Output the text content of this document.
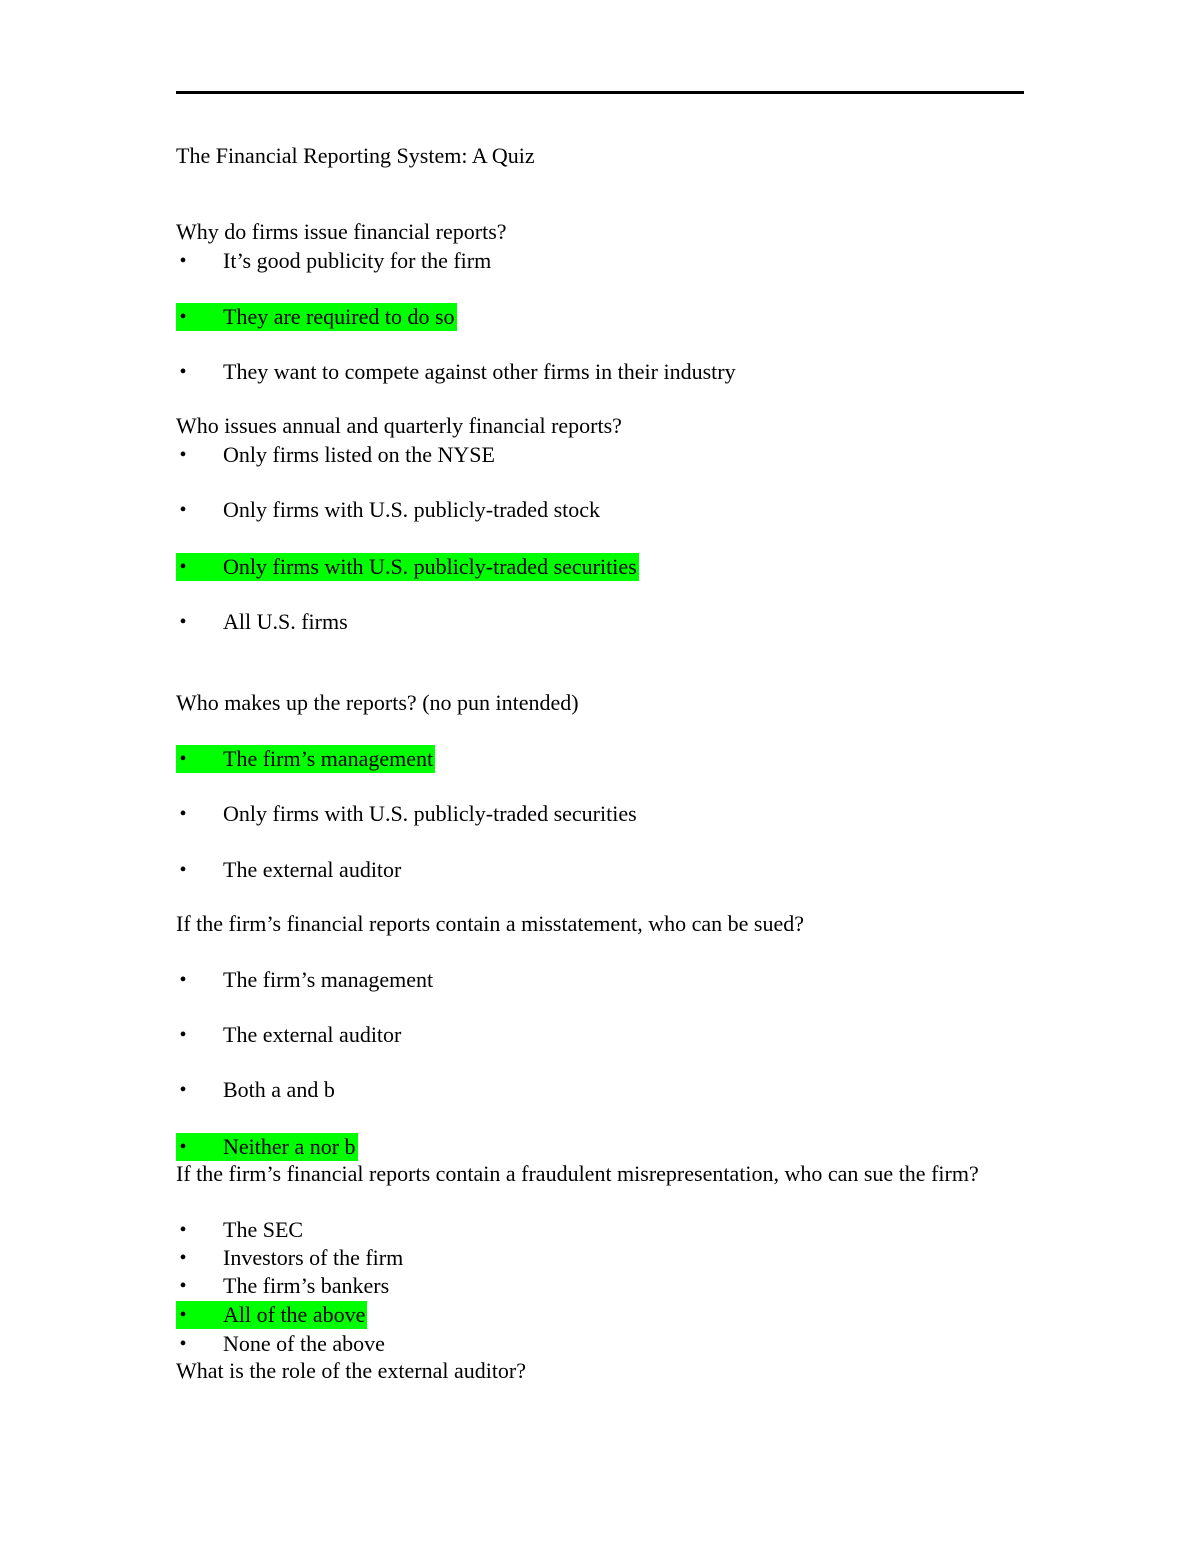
The Financial Reporting System: A Quiz
Why do firms issue financial reports?
• It’s good publicity for the firm
• They are required to do so
• They want to compete against other firms in their industry
Who issues annual and quarterly financial reports?
• Only firms listed on the NYSE
• Only firms with U.S. publicly-traded stock
• Only firms with U.S. publicly-traded securities
• All U.S. firms
Who makes up the reports? (no pun intended)
• The firm’s management
• Only firms with U.S. publicly-traded securities
• The external auditor
If the firm’s financial reports contain a misstatement, who can be sued?
• The firm’s management
• The external auditor
• Both a and b
• Neither a nor b
If the firm’s financial reports contain a fraudulent misrepresentation, who can sue the firm?
• The SEC
• Investors of the firm
• The firm’s bankers
• All of the above
• None of the above
What is the role of the external auditor?
